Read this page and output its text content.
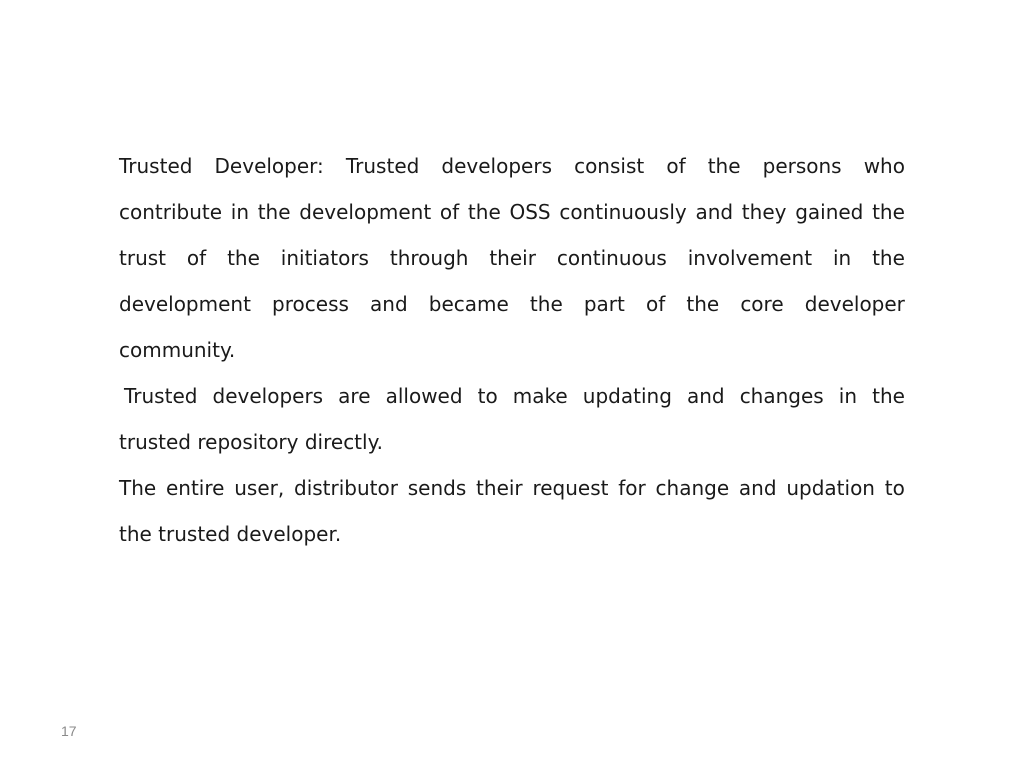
Trusted Developer: Trusted developers consist of the persons who
contribute in the development of the OSS continuously and they gained the
trust of the initiators through their continuous involvement in the
development process and became the part of the core developer
community.
Trusted developers are allowed to make updating and changes in the
trusted repository directly.
The entire user, distributor sends their request for change and updation to
the trusted developer.
17
